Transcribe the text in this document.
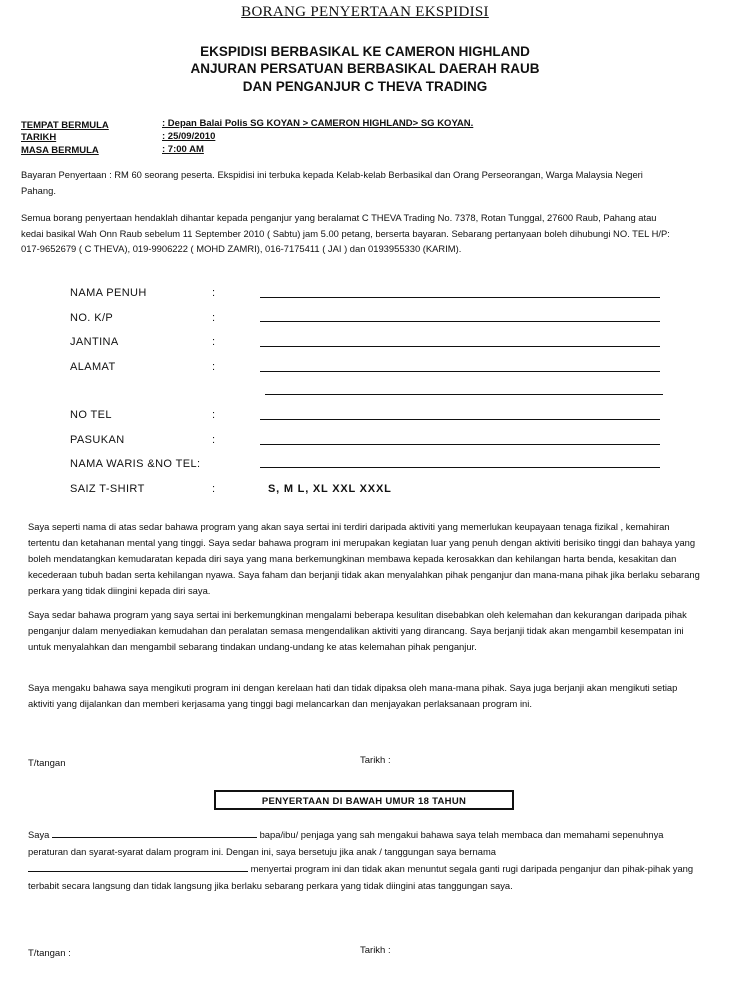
BORANG PENYERTAAN EKSPIDISI
EKSPIDISI BERBASIKAL KE CAMERON HIGHLAND
ANJURAN PERSATUAN BERBASIKAL DAERAH RAUB
DAN PENGANJUR C THEVA TRADING
TEMPAT BERMULA	: Depan Balai Polis SG KOYAN > CAMERON HIGHLAND> SG KOYAN.
TARIKH	: 25/09/2010
MASA BERMULA	: 7:00 AM
Bayaran Penyertaan : RM 60 seorang peserta. Ekspidisi ini terbuka kepada Kelab-kelab Berbasikal dan Orang Perseorangan, Warga Malaysia Negeri Pahang.
Semua borang penyertaan hendaklah dihantar kepada penganjur yang beralamat C THEVA Trading No. 7378, Rotan Tunggal, 27600 Raub, Pahang atau kedai basikal Wah Onn Raub sebelum 11 September 2010 ( Sabtu) jam 5.00 petang, berserta bayaran. Sebarang pertanyaan boleh dihubungi NO. TEL H/P: 017-9652679 ( C THEVA), 019-9906222 ( MOHD ZAMRI), 016-7175411 ( JAI ) dan 0193955330 (KARIM).
NAMA PENUH	:
NO. K/P	:
JANTINA	:
ALAMAT	:
NO TEL	:
PASUKAN	:
NAMA WARIS &NO TEL:
SAIZ T-SHIRT	:	S, M L, XL XXL XXXL
Saya seperti nama di atas sedar bahawa program yang akan saya sertai ini terdiri daripada aktiviti yang memerlukan keupayaan tenaga fizikal , kemahiran tertentu dan ketahanan mental yang tinggi. Saya sedar bahawa program ini merupakan kegiatan luar yang penuh dengan aktiviti berisiko tinggi dan bahaya yang boleh mendatangkan kemudaratan kepada diri saya yang mana berkemungkinan membawa kepada kerosakkan dan kehilangan harta benda, kesakitan dan kecederaan tubuh badan serta kehilangan nyawa. Saya faham dan berjanji tidak akan menyalahkan pihak penganjur dan mana-mana pihak jika berlaku sebarang perkara yang tidak diingini kepada diri saya.
Saya sedar bahawa program yang saya sertai ini berkemungkinan mengalami beberapa kesulitan disebabkan oleh kelemahan dan kekurangan daripada pihak penganjur dalam menyediakan kemudahan dan peralatan semasa mengendalikan aktiviti yang dirancang. Saya berjanji tidak akan mengambil kesempatan ini untuk menyalahkan dan mengambil sebarang tindakan undang-undang ke atas kelemahan pihak penganjur.
Saya mengaku bahawa saya mengikuti program ini dengan kerelaan hati dan tidak dipaksa oleh mana-mana pihak. Saya juga berjanji akan mengikuti setiap aktiviti yang dijalankan dan memberi kerjasama yang tinggi bagi melancarkan dan menjayakan perlaksanaan program ini.
T/tangan	Tarikh :
PENYERTAAN DI BAWAH UMUR 18 TAHUN
Saya	bapa/ibu/ penjaga yang sah mengakui bahawa saya telah membaca dan memahami sepenuhnya peraturan dan syarat-syarat dalam program ini. Dengan ini, saya bersetuju jika anak / tanggungan saya bernama  menyertai program ini dan tidak akan menuntut segala ganti rugi daripada penganjur dan pihak-pihak yang terbabit secara langsung dan tidak langsung jika berlaku sebarang perkara yang tidak diingini atas tanggungan saya.
T/tangan :	Tarikh :
